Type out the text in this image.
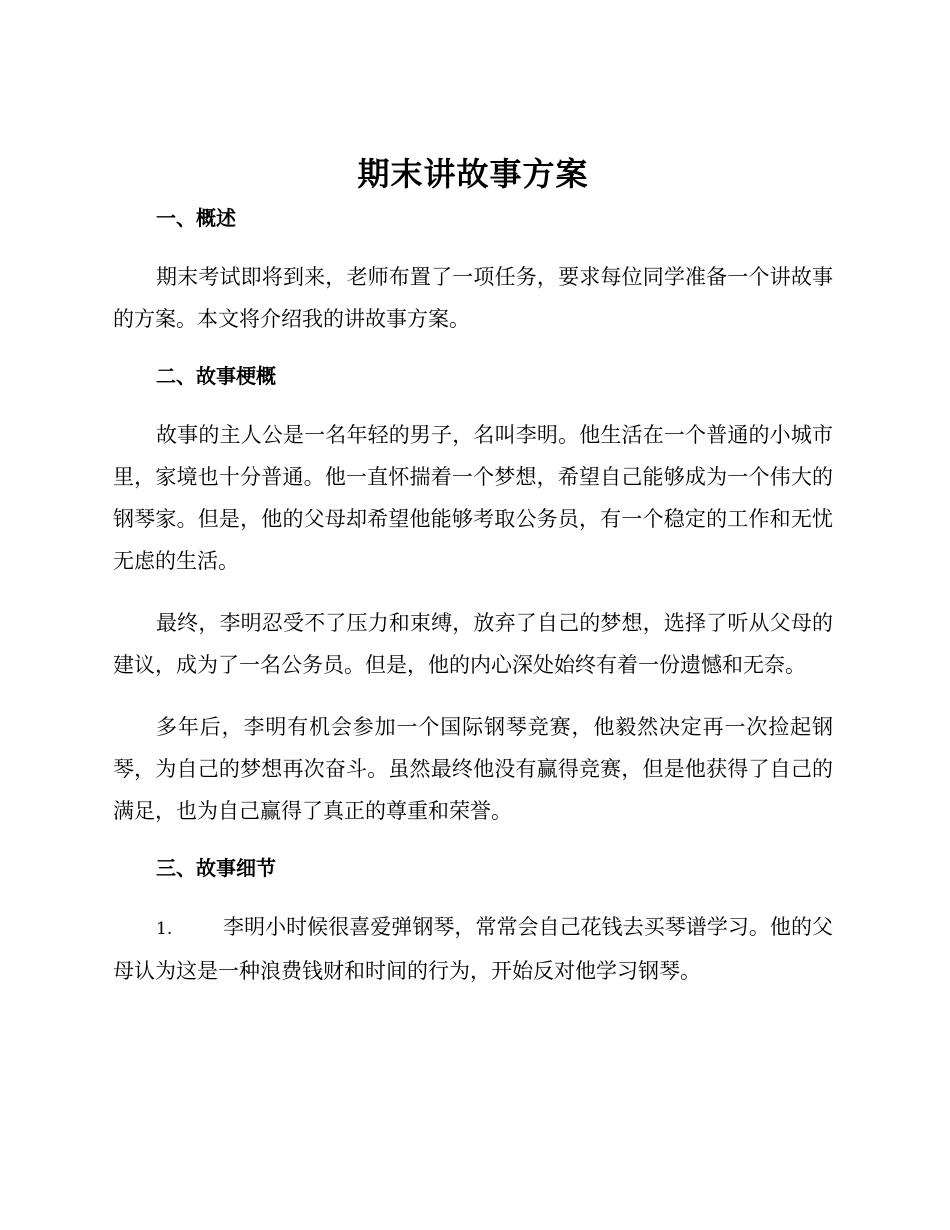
期末讲故事方案
一、概述

期末考试即将到来，老师布置了一项任务，要求每位同学准备一个讲故事的方案。本文将介绍我的讲故事方案。

二、故事梗概

故事的主人公是一名年轻的男子，名叫李明。他生活在一个普通的小城市里，家境也十分普通。他一直怀揣着一个梦想，希望自己能够成为一个伟大的钢琴家。但是，他的父母却希望他能够考取公务员，有一个稳定的工作和无忧无虑的生活。

最终，李明忍受不了压力和束缚，放弃了自己的梦想，选择了听从父母的建议，成为了一名公务员。但是，他的内心深处始终有着一份遗憾和无奈。

多年后，李明有机会参加一个国际钢琴竞赛，他毅然决定再一次捡起钢琴，为自己的梦想再次奋斗。虽然最终他没有赢得竞赛，但是他获得了自己的满足，也为自己赢得了真正的尊重和荣誉。

三、故事细节

1. 李明小时候很喜爱弹钢琴，常常会自己花钱去买琴谱学习。他的父母认为这是一种浪费钱财和时间的行为，开始反对他学习钢琴。
